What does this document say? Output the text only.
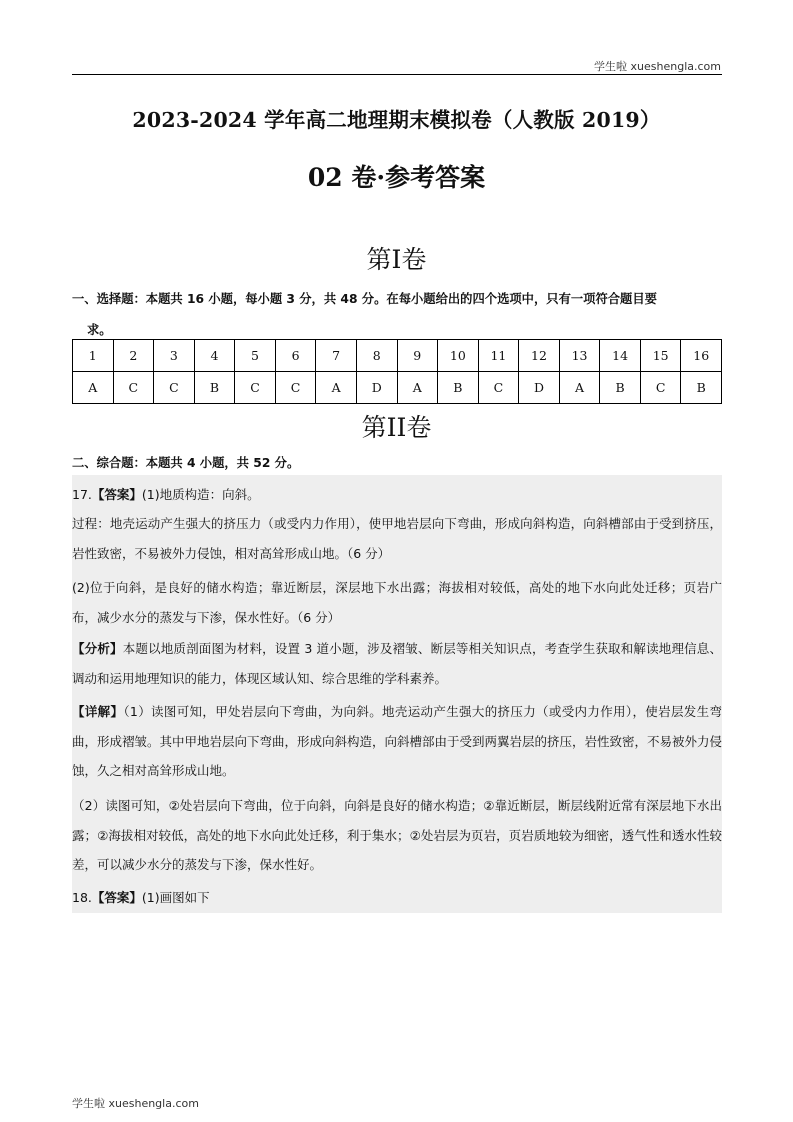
学生啦 xueshengla.com
2023-2024 学年高二地理期末模拟卷（人教版 2019）
02 卷·参考答案
第I卷
一、选择题：本题共 16 小题，每小题 3 分，共 48 分。在每小题给出的四个选项中，只有一项符合题目要
求。
1	2	3	4	5	6	7	8	9	10	11	12	13	14	15	16
A	C	C	B	C	C	A	D	A	B	C	D	A	B	C	B
第II卷
二、综合题：本题共 4 小题，共 52 分。
17.【答案】(1)地质构造：向斜。
过程：地壳运动产生强大的挤压力（或受内力作用），使甲地岩层向下弯曲，形成向斜构造，向斜槽部由于受到挤压，岩性致密，不易被外力侵蚀，相对高耸形成山地。（6 分）
(2)位于向斜，是良好的储水构造；靠近断层，深层地下水出露；海拔相对较低，高处的地下水向此处迁移；页岩广布，减少水分的蒸发与下渗，保水性好。（6 分）
【分析】本题以地质剖面图为材料，设置 3 道小题，涉及褶皱、断层等相关知识点，考查学生获取和解读地理信息、调动和运用地理知识的能力，体现区域认知、综合思维的学科素养。
【详解】（1）读图可知，甲处岩层向下弯曲，为向斜。地壳运动产生强大的挤压力（或受内力作用），使岩层发生弯曲，形成褶皱。其中甲地岩层向下弯曲，形成向斜构造，向斜槽部由于受到两翼岩层的挤压，岩性致密，不易被外力侵蚀，久之相对高耸形成山地。
（2）读图可知，②处岩层向下弯曲，位于向斜，向斜是良好的储水构造；②靠近断层，断层线附近常有深层地下水出露；②海拔相对较低，高处的地下水向此处迁移，利于集水；②处岩层为页岩，页岩质地较为细密，透气性和透水性较差，可以减少水分的蒸发与下渗，保水性好。
18.【答案】(1)画图如下
学生啦 xueshengla.com
